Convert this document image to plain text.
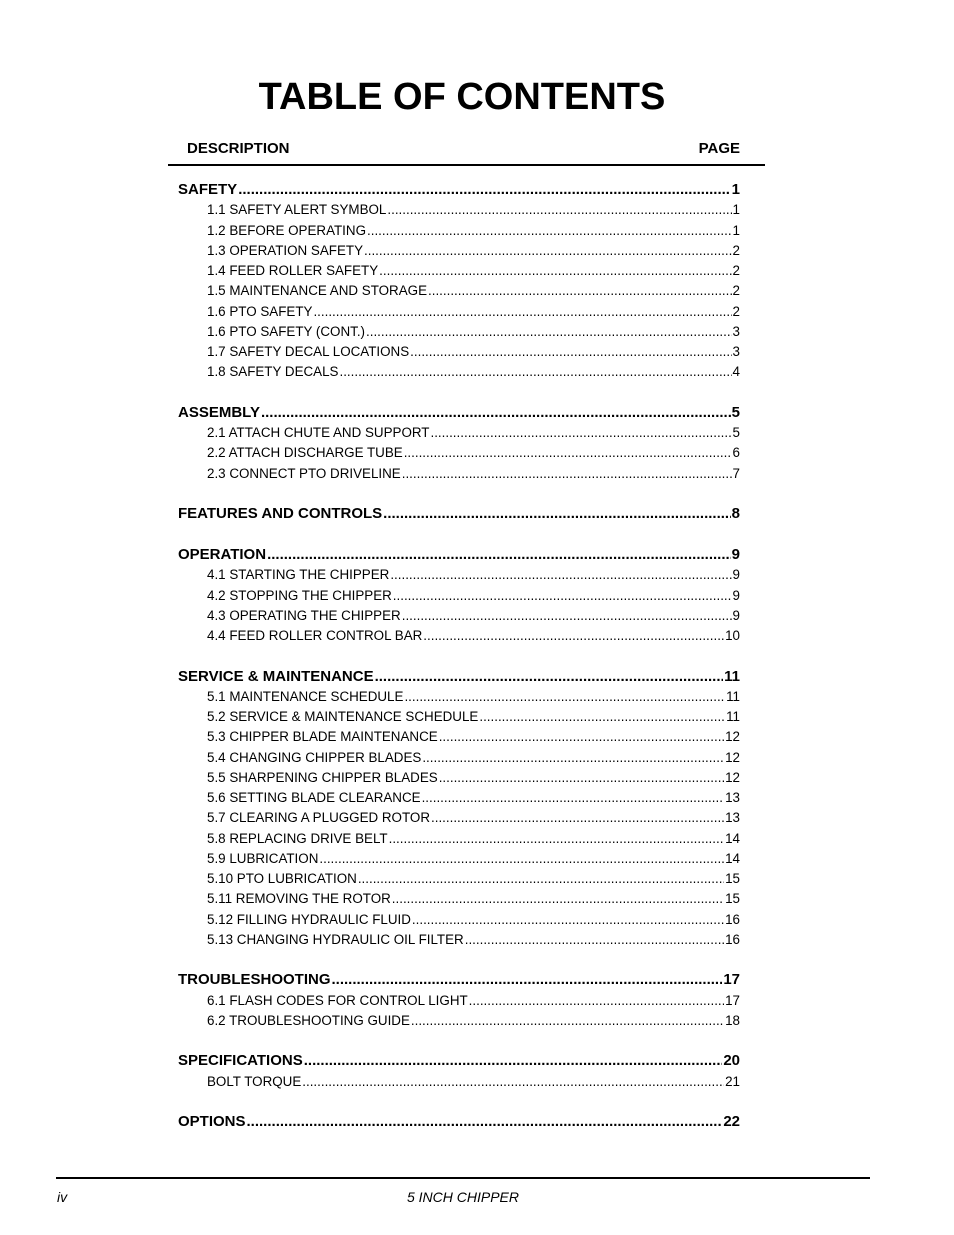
TABLE OF CONTENTS
DESCRIPTION	PAGE
SAFETY .....	1
1.1 SAFETY ALERT SYMBOL .....	1
1.2 BEFORE OPERATING .....	1
1.3 OPERATION SAFETY .....	2
1.4 FEED ROLLER SAFETY .....	2
1.5 MAINTENANCE AND STORAGE .....	2
1.6 PTO SAFETY .....	2
1.6 PTO SAFETY (CONT.) .....	3
1.7 SAFETY DECAL LOCATIONS .....	3
1.8 SAFETY DECALS .....	4
ASSEMBLY .....	5
2.1 ATTACH CHUTE AND SUPPORT .....	5
2.2 ATTACH DISCHARGE TUBE .....	6
2.3 CONNECT PTO DRIVELINE .....	7
FEATURES AND CONTROLS .....	8
OPERATION .....	9
4.1 STARTING THE CHIPPER .....	9
4.2 STOPPING THE CHIPPER .....	9
4.3 OPERATING THE CHIPPER .....	9
4.4 FEED ROLLER CONTROL BAR .....	10
SERVICE & MAINTENANCE .....	11
5.1 MAINTENANCE SCHEDULE .....	11
5.2 SERVICE & MAINTENANCE SCHEDULE .....	11
5.3 CHIPPER BLADE MAINTENANCE .....	12
5.4 CHANGING CHIPPER BLADES .....	12
5.5 SHARPENING CHIPPER BLADES .....	12
5.6 SETTING BLADE CLEARANCE .....	13
5.7 CLEARING A PLUGGED ROTOR .....	13
5.8 REPLACING DRIVE BELT .....	14
5.9 LUBRICATION .....	14
5.10 PTO LUBRICATION .....	15
5.11 REMOVING THE ROTOR .....	15
5.12 FILLING HYDRAULIC FLUID .....	16
5.13 CHANGING HYDRAULIC OIL FILTER .....	16
TROUBLESHOOTING .....	17
6.1 FLASH CODES FOR CONTROL LIGHT .....	17
6.2 TROUBLESHOOTING GUIDE .....	18
SPECIFICATIONS .....	20
BOLT TORQUE .....	21
OPTIONS .....	22
iv	5 INCH CHIPPER
